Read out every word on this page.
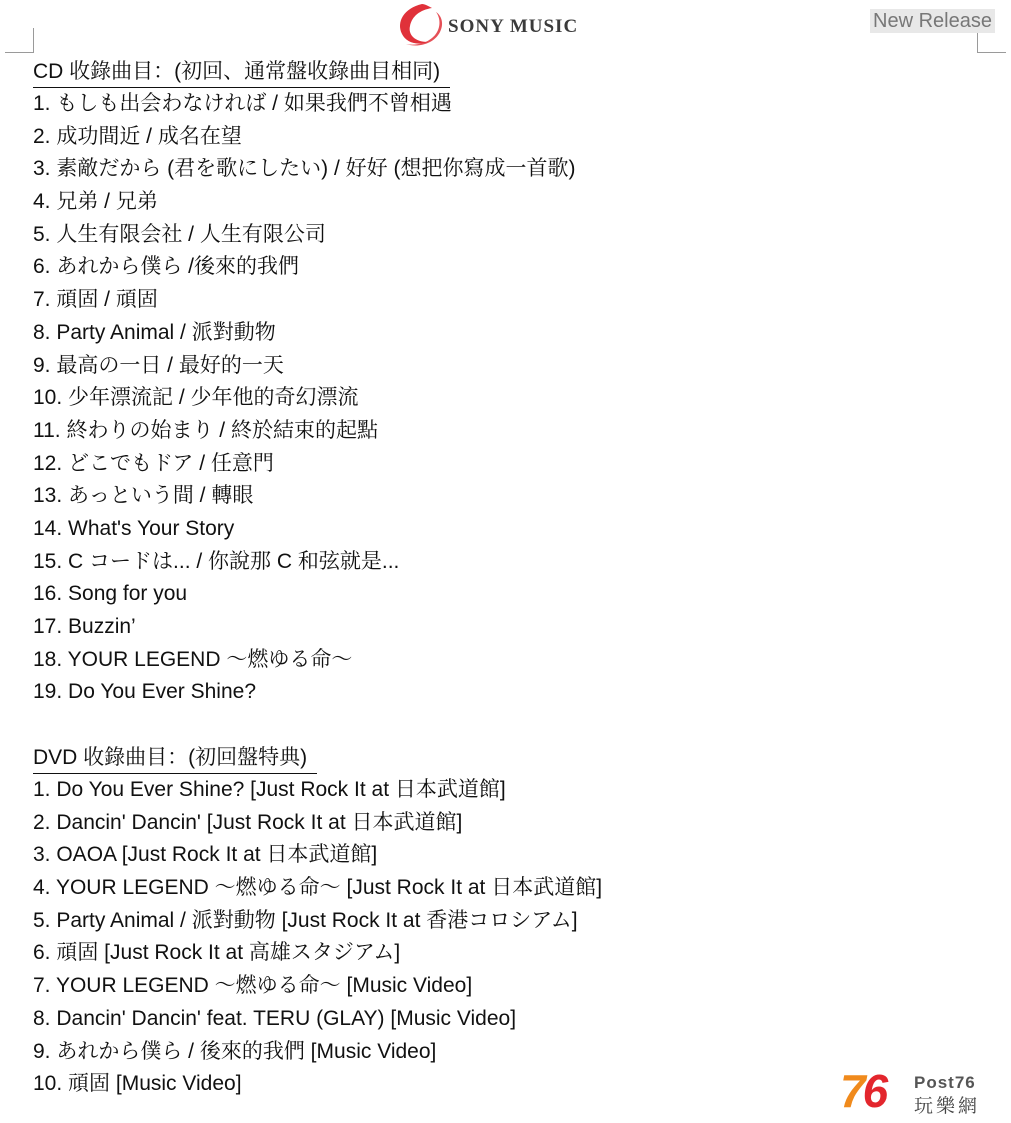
SONY MUSIC	New Release
CD 收錄曲目：(初回、通常盤收錄曲目相同)
1. もしも出会わなければ / 如果我們不曾相遇
2. 成功間近 / 成名在望
3. 素敵だから (君を歌にしたい) / 好好 (想把你寫成一首歌)
4. 兄弟 / 兄弟
5. 人生有限会社 / 人生有限公司
6. あれから僕ら /後來的我們
7. 頑固 / 頑固
8. Party Animal / 派對動物
9. 最高の一日 / 最好的一天
10. 少年漂流記 / 少年他的奇幻漂流
11. 終わりの始まり / 終於結束的起點
12. どこでもドア / 任意門
13. あっという間 / 轉眼
14. What's Your Story
15. C コードは... / 你說那 C 和弦就是...
16. Song for you
17. Buzzin’
18. YOUR LEGEND ～燃ゆる命～
19. Do You Ever Shine?
DVD 收錄曲目：(初回盤特典)
1. Do You Ever Shine? [Just Rock It at 日本武道館]
2. Dancin' Dancin' [Just Rock It at 日本武道館]
3. OAOA [Just Rock It at 日本武道館]
4. YOUR LEGEND ～燃ゆる命～ [Just Rock It at 日本武道館]
5. Party Animal / 派對動物 [Just Rock It at 香港コロシアム]
6. 頑固 [Just Rock It at 高雄スタジアム]
7. YOUR LEGEND ～燃ゆる命～ [Music Video]
8. Dancin' Dancin' feat. TERU (GLAY) [Music Video]
9. あれから僕ら / 後來的我們 [Music Video]
10. 頑固 [Music Video]	76 Post76
玩樂網
